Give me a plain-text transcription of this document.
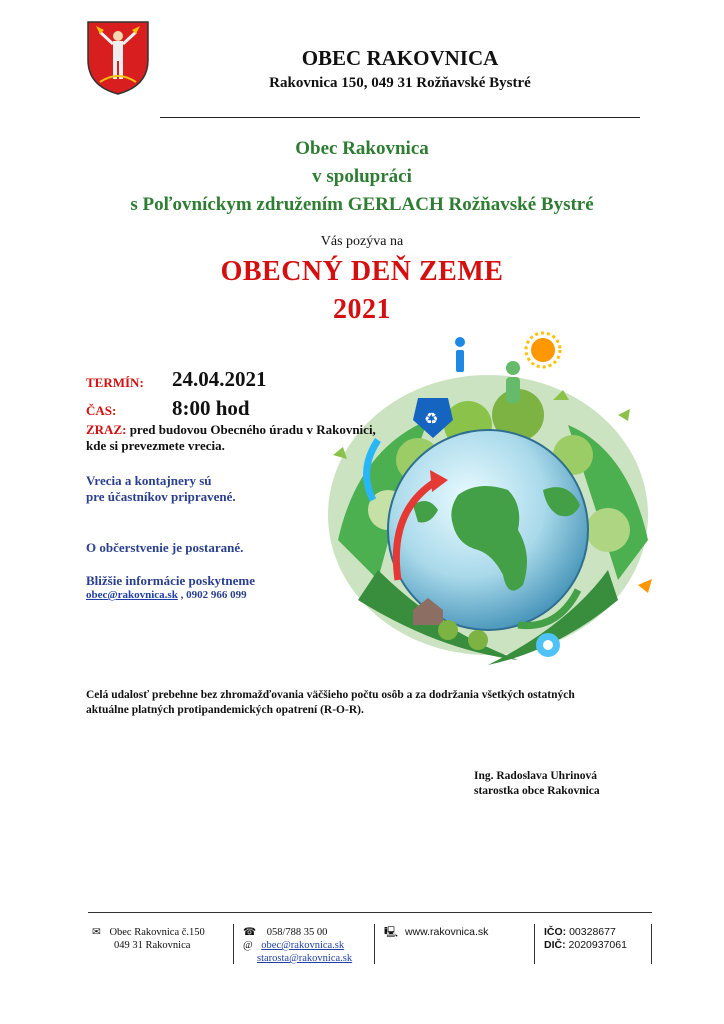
OBEC RAKOVNICA
Rakovnica 150, 049 31 Rožňavské Bystré
Obec Rakovnica
v spolupráci
s Poľovníckym združením GERLACH Rožňavské Bystré
Vás pozýva na
OBECNÝ DEŇ ZEME
2021
♻
TERMÍN: 24.04.2021
ČAS:	8:00 hod
ZRAZ: pred budovou Obecného úradu v Rakovnici,
kde si prevezmete vrecia.
Vrecia a kontajnery sú
pre účastníkov pripravené.
O občerstvenie je postarané.
Bližšie informácie poskytneme
obec@rakovnica.sk , 0902 966 099
Celá udalosť prebehne bez zhromažďovania väčšieho počtu osôb a za dodržania všetkých ostatných
aktuálne platných protipandemických opatrení (R-O-R).
Ing. Radoslava Uhrinová
starostka obce Rakovnica
✉ Obec Rakovnica č.150
049 31 Rakovnica
☎ 058/788 35 00
@ obec@rakovnica.sk
starosta@rakovnica.sk
🖳 www.rakovnica.sk	IČO: 00328677
DIČ: 2020937061
